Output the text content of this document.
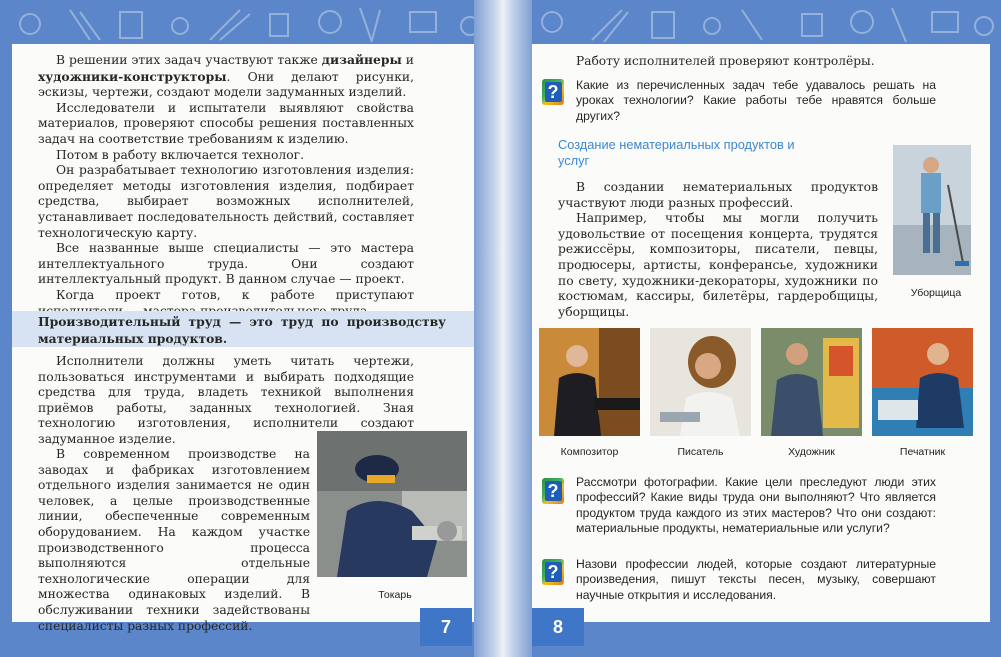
В решении этих задач участвуют также дизайнеры и художники-конструкторы. Они делают рисунки, эскизы, чертежи, создают модели задуманных изделий.

Исследователи и испытатели выявляют свойства материалов, проверяют способы решения поставленных задач на соответствие требованиям к изделию.

Потом в работу включается технолог.

Он разрабатывает технологию изготовления изделия: определяет методы изготовления изделия, подбирает средства, выбирает возможных исполнителей, устанавливает последовательность действий, составляет технологическую карту.

Все названные выше специалисты — это мастера интеллектуального труда. Они создают интеллектуальный продукт. В данном случае — проект.

Когда проект готов, к работе приступают

Производительный труд — это труд по производству материальных продуктов.

Исполнители должны уметь читать чертежи, пользоваться инструментами и выбирать подходящие средства для труда, владеть техникой выполнения приёмов работы, заданных технологией. Зная технологию изготовления, исполнители создают задуманное изделие.

В современном производстве на заводах и фабриках изготовлением отдельного изделия занимается не один человек, а целые производственные линии, обеспеченные современным оборудованием. На каждом участке производственного процесса выполняются отдельные технологические операции для множества одинаковых изделий. В обслуживании техники задействованы специалисты разных профессий.

Токарь
7
Работу исполнителей проверяют контролёры.
?	Какие из перечисленных задач тебе удавалось решать на уроках технологии? Какие работы тебе нравятся больше других?
Создание нематериальных продуктов и услуг

В создании нематериальных продуктов участвуют люди разных профессий.

Например, чтобы мы могли получить удовольствие от посещения концерта, трудятся режиссёры, композиторы, писатели, певцы, продюсеры, артисты, конферансье, художники по свету, художники-декораторы, художники по костюмам, кассиры, билетёры, гардеробщицы, уборщицы.

Уборщица
Композитор	Писатель	Художник	Печатник
?	Рассмотри фотографии. Какие цели преследуют люди этих профессий? Какие виды труда они выполняют? Что является продуктом труда каждого из этих мастеров? Что они создают: материальные продукты, нематериальные или услуги?
?	Назови профессии людей, которые создают литературные произведения, пишут тексты песен, музыку, совершают научные открытия и исследования.
8
